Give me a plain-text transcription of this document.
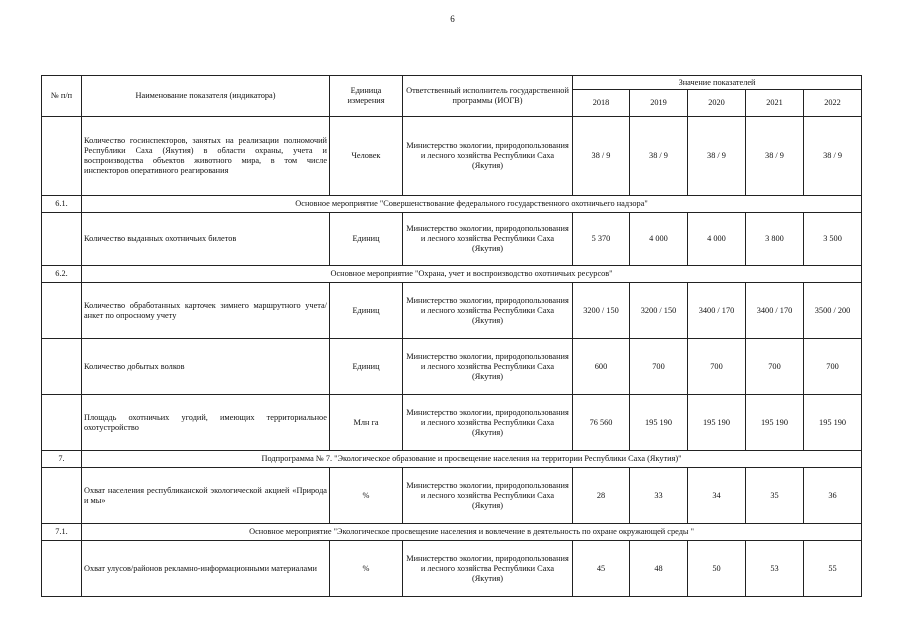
6
№ п/п	Наименование показателя (индикатора)	Единица измерения	Ответственный исполнитель государственной программы (ИОГВ)	Значение показателей				
				2018	2019	2020	2021	2022
	Количество госинспекторов, занятых на реализации полномочий Республики Саха (Якутия) в области охраны, учета и воспроизводства объектов животного мира, в том числе инспекторов оперативного реагирования	Человек	Министерство экологии, природопользования и лесного хозяйства Республики Саха (Якутия)	38 / 9	38 / 9	38 / 9	38 / 9	38 / 9
6.1.	Основное мероприятие "Совершенствование федерального государственного охотничьего надзора"							
	Количество выданных охотничьих билетов	Единиц	Министерство экологии, природопользования и лесного хозяйства Республики Саха (Якутия)	5 370	4 000	4 000	3 800	3 500
6.2.	Основное мероприятие "Охрана, учет и воспроизводство охотничьих ресурсов"							
	Количество обработанных карточек зимнего маршрутного учета/анкет по опросному учету	Единиц	Министерство экологии, природопользования и лесного хозяйства Республики Саха (Якутия)	3200 / 150	3200 / 150	3400 / 170	3400 / 170	3500 / 200
	Количество добытых волков	Единиц	Министерство экологии, природопользования и лесного хозяйства Республики Саха (Якутия)	600	700	700	700	700
	Площадь охотничьих угодий, имеющих территориальное охотустройство	Млн га	Министерство экологии, природопользования и лесного хозяйства Республики Саха (Якутия)	76 560	195 190	195 190	195 190	195 190
7.	Подпрограмма № 7. "Экологическое образование и просвещение населения на территории Республики Саха (Якутия)"							
	Охват населения республиканской экологической акцией «Природа и мы»	%	Министерство экологии, природопользования и лесного хозяйства Республики Саха (Якутия)	28	33	34	35	36
7.1.	Основное мероприятие "Экологическое просвещение населения и вовлечение в деятельность по охране окружающей среды "							
	Охват улусов/районов рекламно-информационными материалами	%	Министерство экологии, природопользования и лесного хозяйства Республики Саха (Якутия)	45	48	50	53	55
